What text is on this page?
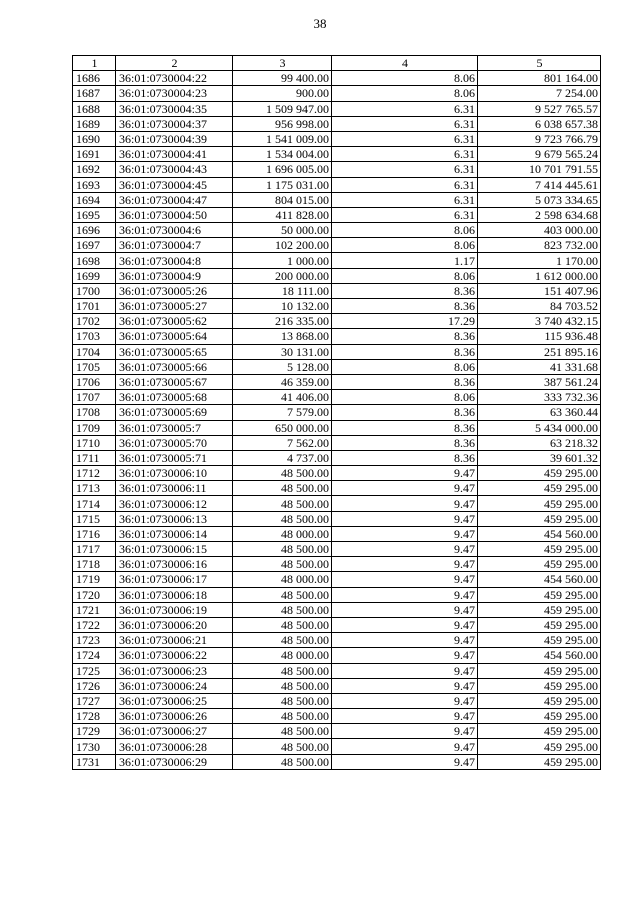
38
1	2	3	4	5
1686	36:01:0730004:22	99 400.00	8.06	801 164.00
1687	36:01:0730004:23	900.00	8.06	7 254.00
1688	36:01:0730004:35	1 509 947.00	6.31	9 527 765.57
1689	36:01:0730004:37	956 998.00	6.31	6 038 657.38
1690	36:01:0730004:39	1 541 009.00	6.31	9 723 766.79
1691	36:01:0730004:41	1 534 004.00	6.31	9 679 565.24
1692	36:01:0730004:43	1 696 005.00	6.31	10 701 791.55
1693	36:01:0730004:45	1 175 031.00	6.31	7 414 445.61
1694	36:01:0730004:47	804 015.00	6.31	5 073 334.65
1695	36:01:0730004:50	411 828.00	6.31	2 598 634.68
1696	36:01:0730004:6	50 000.00	8.06	403 000.00
1697	36:01:0730004:7	102 200.00	8.06	823 732.00
1698	36:01:0730004:8	1 000.00	1.17	1 170.00
1699	36:01:0730004:9	200 000.00	8.06	1 612 000.00
1700	36:01:0730005:26	18 111.00	8.36	151 407.96
1701	36:01:0730005:27	10 132.00	8.36	84 703.52
1702	36:01:0730005:62	216 335.00	17.29	3 740 432.15
1703	36:01:0730005:64	13 868.00	8.36	115 936.48
1704	36:01:0730005:65	30 131.00	8.36	251 895.16
1705	36:01:0730005:66	5 128.00	8.06	41 331.68
1706	36:01:0730005:67	46 359.00	8.36	387 561.24
1707	36:01:0730005:68	41 406.00	8.06	333 732.36
1708	36:01:0730005:69	7 579.00	8.36	63 360.44
1709	36:01:0730005:7	650 000.00	8.36	5 434 000.00
1710	36:01:0730005:70	7 562.00	8.36	63 218.32
1711	36:01:0730005:71	4 737.00	8.36	39 601.32
1712	36:01:0730006:10	48 500.00	9.47	459 295.00
1713	36:01:0730006:11	48 500.00	9.47	459 295.00
1714	36:01:0730006:12	48 500.00	9.47	459 295.00
1715	36:01:0730006:13	48 500.00	9.47	459 295.00
1716	36:01:0730006:14	48 000.00	9.47	454 560.00
1717	36:01:0730006:15	48 500.00	9.47	459 295.00
1718	36:01:0730006:16	48 500.00	9.47	459 295.00
1719	36:01:0730006:17	48 000.00	9.47	454 560.00
1720	36:01:0730006:18	48 500.00	9.47	459 295.00
1721	36:01:0730006:19	48 500.00	9.47	459 295.00
1722	36:01:0730006:20	48 500.00	9.47	459 295.00
1723	36:01:0730006:21	48 500.00	9.47	459 295.00
1724	36:01:0730006:22	48 000.00	9.47	454 560.00
1725	36:01:0730006:23	48 500.00	9.47	459 295.00
1726	36:01:0730006:24	48 500.00	9.47	459 295.00
1727	36:01:0730006:25	48 500.00	9.47	459 295.00
1728	36:01:0730006:26	48 500.00	9.47	459 295.00
1729	36:01:0730006:27	48 500.00	9.47	459 295.00
1730	36:01:0730006:28	48 500.00	9.47	459 295.00
1731	36:01:0730006:29	48 500.00	9.47	459 295.00
